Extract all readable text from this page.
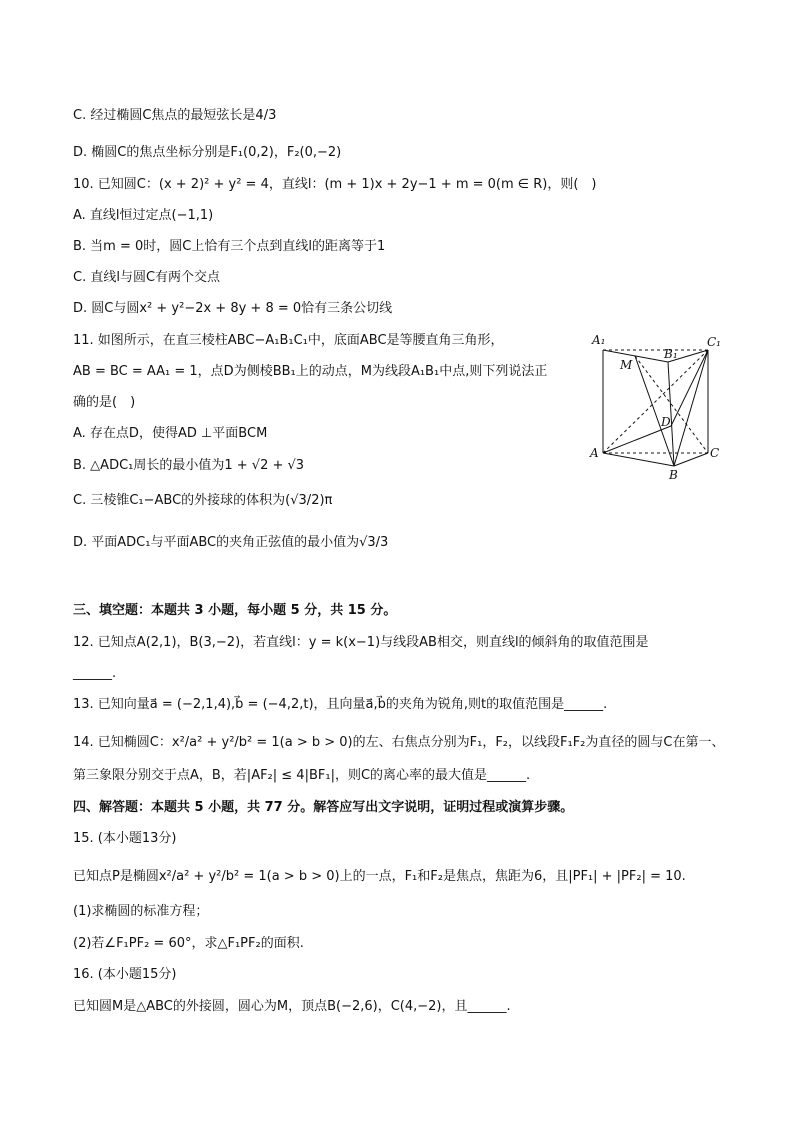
C. 经过椭圆C焦点的最短弦长是4/3
D. 椭圆C的焦点坐标分别是F₁(0,2)，F₂(0,−2)
10. 已知圆C：(x + 2)² + y² = 4，直线l：(m + 1)x + 2y−1 + m = 0(m ∈ R)，则(　)
A. 直线l恒过定点(−1,1)
B. 当m = 0时，圆C上恰有三个点到直线l的距离等于1
C. 直线l与圆C有两个交点
D. 圆C与圆x² + y²−2x + 8y + 8 = 0恰有三条公切线
11. 如图所示，在直三棱柱ABC−A₁B₁C₁中，底面ABC是等腰直角三角形，
AB = BC = AA₁ = 1，点D为侧棱BB₁上的动点，M为线段A₁B₁中点,则下列说法正
确的是(　)
A. 存在点D，使得AD ⊥平面BCM
B. △ADC₁周长的最小值为1 + √2 + √3
C. 三棱锥C₁−ABC的外接球的体积为(√3/2)π
D. 平面ADC₁与平面ABC的夹角正弦值的最小值为√3/3
三、填空题：本题共 3 小题，每小题 5 分，共 15 分。
12. 已知点A(2,1)，B(3,−2)，若直线l：y = k(x−1)与线段AB相交，则直线l的倾斜角的取值范围是
______.
13. 已知向量a⃗ = (−2,1,4),b⃗ = (−4,2,t)，且向量a⃗,b⃗的夹角为锐角,则t的取值范围是______.
14. 已知椭圆C：x²/a² + y²/b² = 1(a > b > 0)的左、右焦点分别为F₁，F₂，以线段F₁F₂为直径的圆与C在第一、
第三象限分别交于点A，B，若|AF₂| ≤ 4|BF₁|，则C的离心率的最大值是______.
四、解答题：本题共 5 小题，共 77 分。解答应写出文字说明，证明过程或演算步骤。
15. (本小题13分)
已知点P是椭圆x²/a² + y²/b² = 1(a > b > 0)上的一点，F₁和F₂是焦点，焦距为6，且|PF₁| + |PF₂| = 10.
(1)求椭圆的标准方程；
(2)若∠F₁PF₂ = 60°，求△F₁PF₂的面积.
16. (本小题15分)
已知圆M是△ABC的外接圆，圆心为M，顶点B(−2,6)，C(4,−2)，且______.
A₁
B₁
C₁
M
D
A
B
C
